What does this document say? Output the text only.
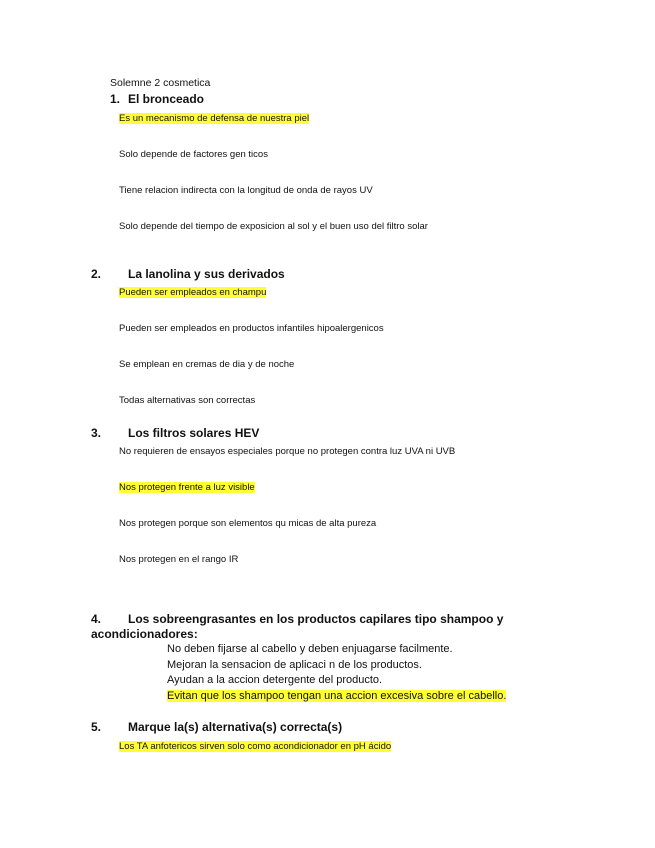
Solemne 2 cosmetica
1. El bronceado
Es un mecanismo de defensa de nuestra piel
Solo depende de factores gen ticos
Tiene relacion indirecta con la longitud de onda de rayos UV
Solo depende del tiempo de exposicion al sol y el buen uso del filtro solar
2. La lanolina y sus derivados
Pueden ser empleados en champu
Pueden ser empleados en productos infantiles hipoalergenicos
Se emplean en cremas de dia y de noche
Todas alternativas son correctas
3. Los filtros solares HEV
No requieren de ensayos especiales porque no protegen contra luz UVA ni UVB
Nos protegen frente a luz visible
Nos protegen porque son elementos qu micas de alta pureza
Nos protegen en el rango IR
4. Los sobreengrasantes en los productos capilares tipo shampoo y
acondicionadores:
No deben fijarse al cabello y deben enjuagarse facilmente.
Mejoran la sensacion de aplicaci n de los productos.
Ayudan a la accion detergente del producto.
Evitan que los shampoo tengan una accion excesiva sobre el cabello.
5. Marque la(s) alternativa(s) correcta(s)
Los TA anfotericos sirven solo como acondicionador en pH ácido
